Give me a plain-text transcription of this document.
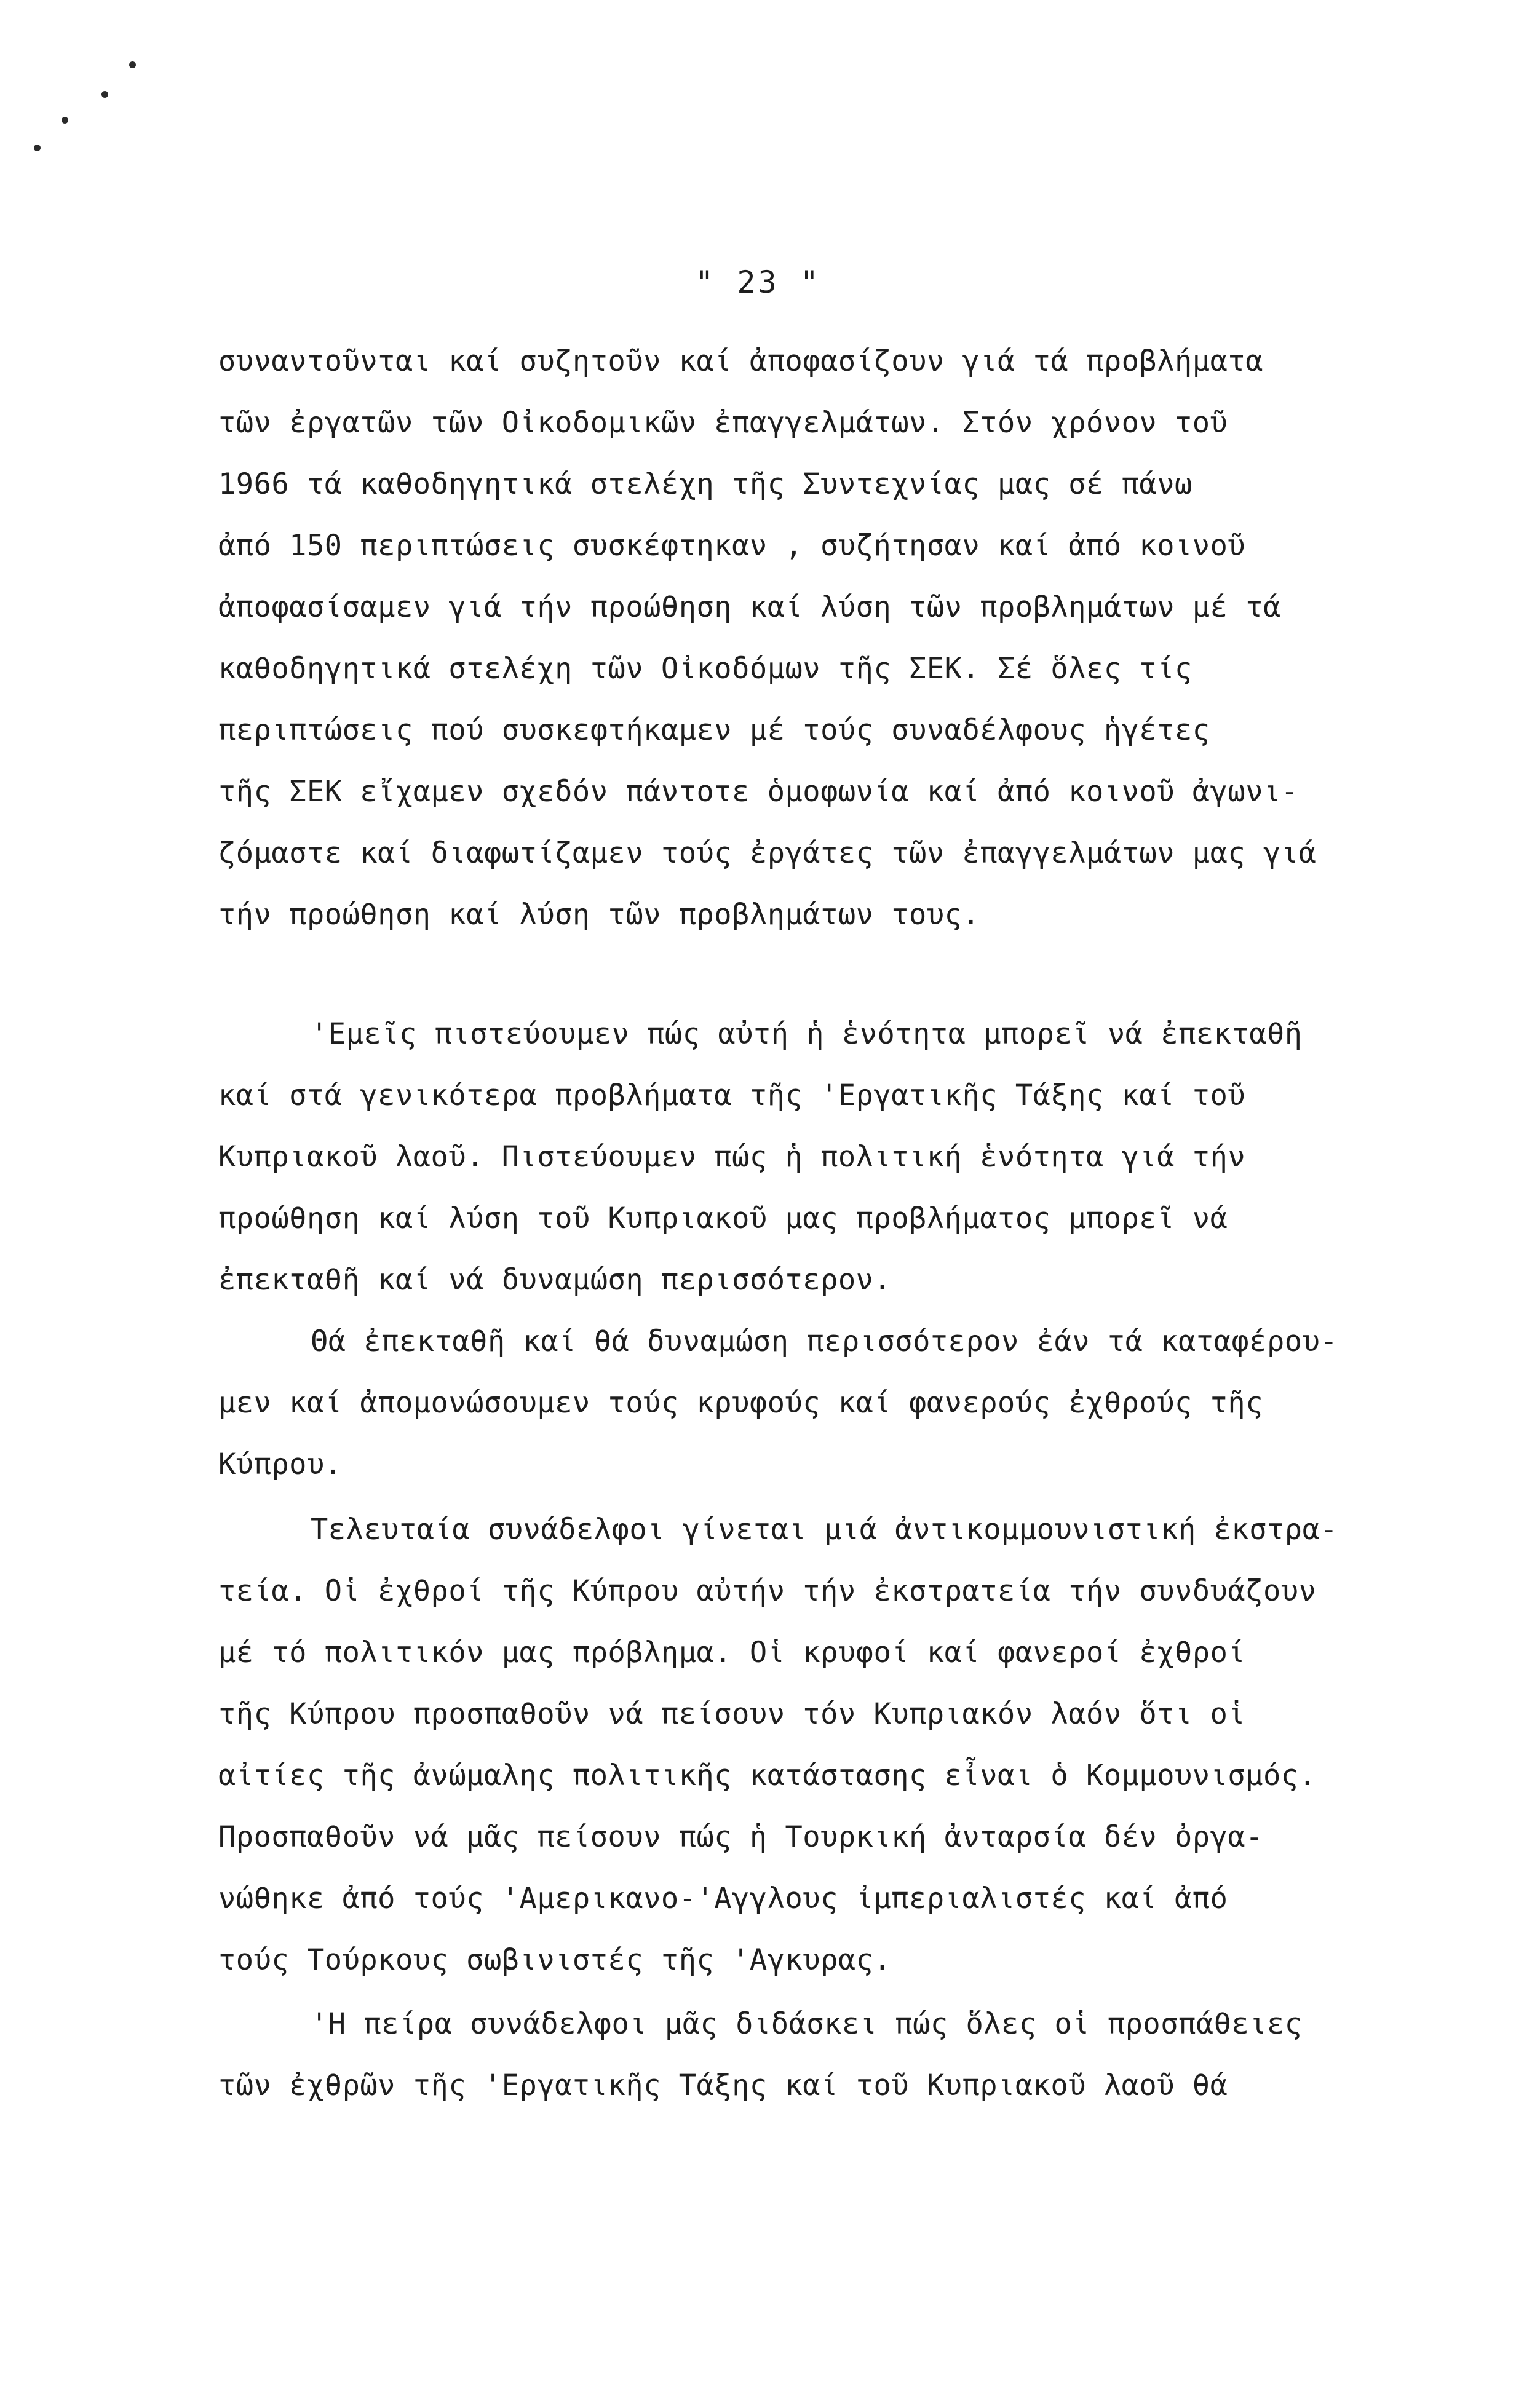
" 23 "
συναντοῦνται καί συζητοῦν καί ἀποφασίζουν γιά τά προβλήματα
τῶν ἐργατῶν τῶν Οἰκοδομικῶν ἐπαγγελμάτων. Στόν χρόνον τοῦ
1966 τά καθοδηγητικά στελέχη τῆς Συντεχνίας μας σέ πάνω
ἀπό 150 περιπτώσεις συσκέφτηκαν , συζήτησαν καί ἀπό κοινοῦ
ἀποφασίσαμεν γιά τήν προώθηση καί λύση τῶν προβλημάτων μέ τά
καθοδηγητικά στελέχη τῶν Οἰκοδόμων τῆς ΣΕΚ. Σέ ὅλες τίς
περιπτώσεις πού συσκεφτήκαμεν μέ τούς συναδέλφους ἡγέτες
τῆς ΣΕΚ εἴχαμεν σχεδόν πάντοτε ὁμοφωνία καί ἀπό κοινοῦ ἀγωνι-
ζόμαστε καί διαφωτίζαμεν τούς ἐργάτες τῶν ἐπαγγελμάτων μας γιά
τήν προώθηση καί λύση τῶν προβλημάτων τους.
'Εμεῖς πιστεύουμεν πώς αὐτή ἡ ἑνότητα μπορεῖ νά ἐπεκταθῆ
καί στά γενικότερα προβλήματα τῆς 'Εργατικῆς Τάξης καί τοῦ
Κυπριακοῦ λαοῦ. Πιστεύουμεν πώς ἡ πολιτική ἑνότητα γιά τήν
προώθηση καί λύση τοῦ Κυπριακοῦ μας προβλήματος μπορεῖ νά
ἐπεκταθῆ καί νά δυναμώση περισσότερον.
Θά ἐπεκταθῆ καί θά δυναμώση περισσότερον ἐάν τά καταφέρου-
μεν καί ἀπομονώσουμεν τούς κρυφούς καί φανερούς ἐχθρούς τῆς
Κύπρου.
Τελευταία συνάδελφοι γίνεται μιά ἀντικομμουνιστική ἐκστρα-
τεία. Οἱ ἐχθροί τῆς Κύπρου αὐτήν τήν ἐκστρατεία τήν συνδυάζουν
μέ τό πολιτικόν μας πρόβλημα. Οἱ κρυφοί καί φανεροί ἐχθροί
τῆς Κύπρου προσπαθοῦν νά πείσουν τόν Κυπριακόν λαόν ὅτι οἱ
αἰτίες τῆς ἀνώμαλης πολιτικῆς κατάστασης εἶναι ὁ Κομμουνισμός.
Προσπαθοῦν νά μᾶς πείσουν πώς ἡ Τουρκική ἀνταρσία δέν ὀργα-
νώθηκε ἀπό τούς 'Αμερικανο-'Αγγλους ἰμπεριαλιστές καί ἀπό
τούς Τούρκους σωβινιστές τῆς 'Αγκυρας.
'Η πείρα συνάδελφοι μᾶς διδάσκει πώς ὅλες οἱ προσπάθειες
τῶν ἐχθρῶν τῆς 'Εργατικῆς Τάξης καί τοῦ Κυπριακοῦ λαοῦ θά
